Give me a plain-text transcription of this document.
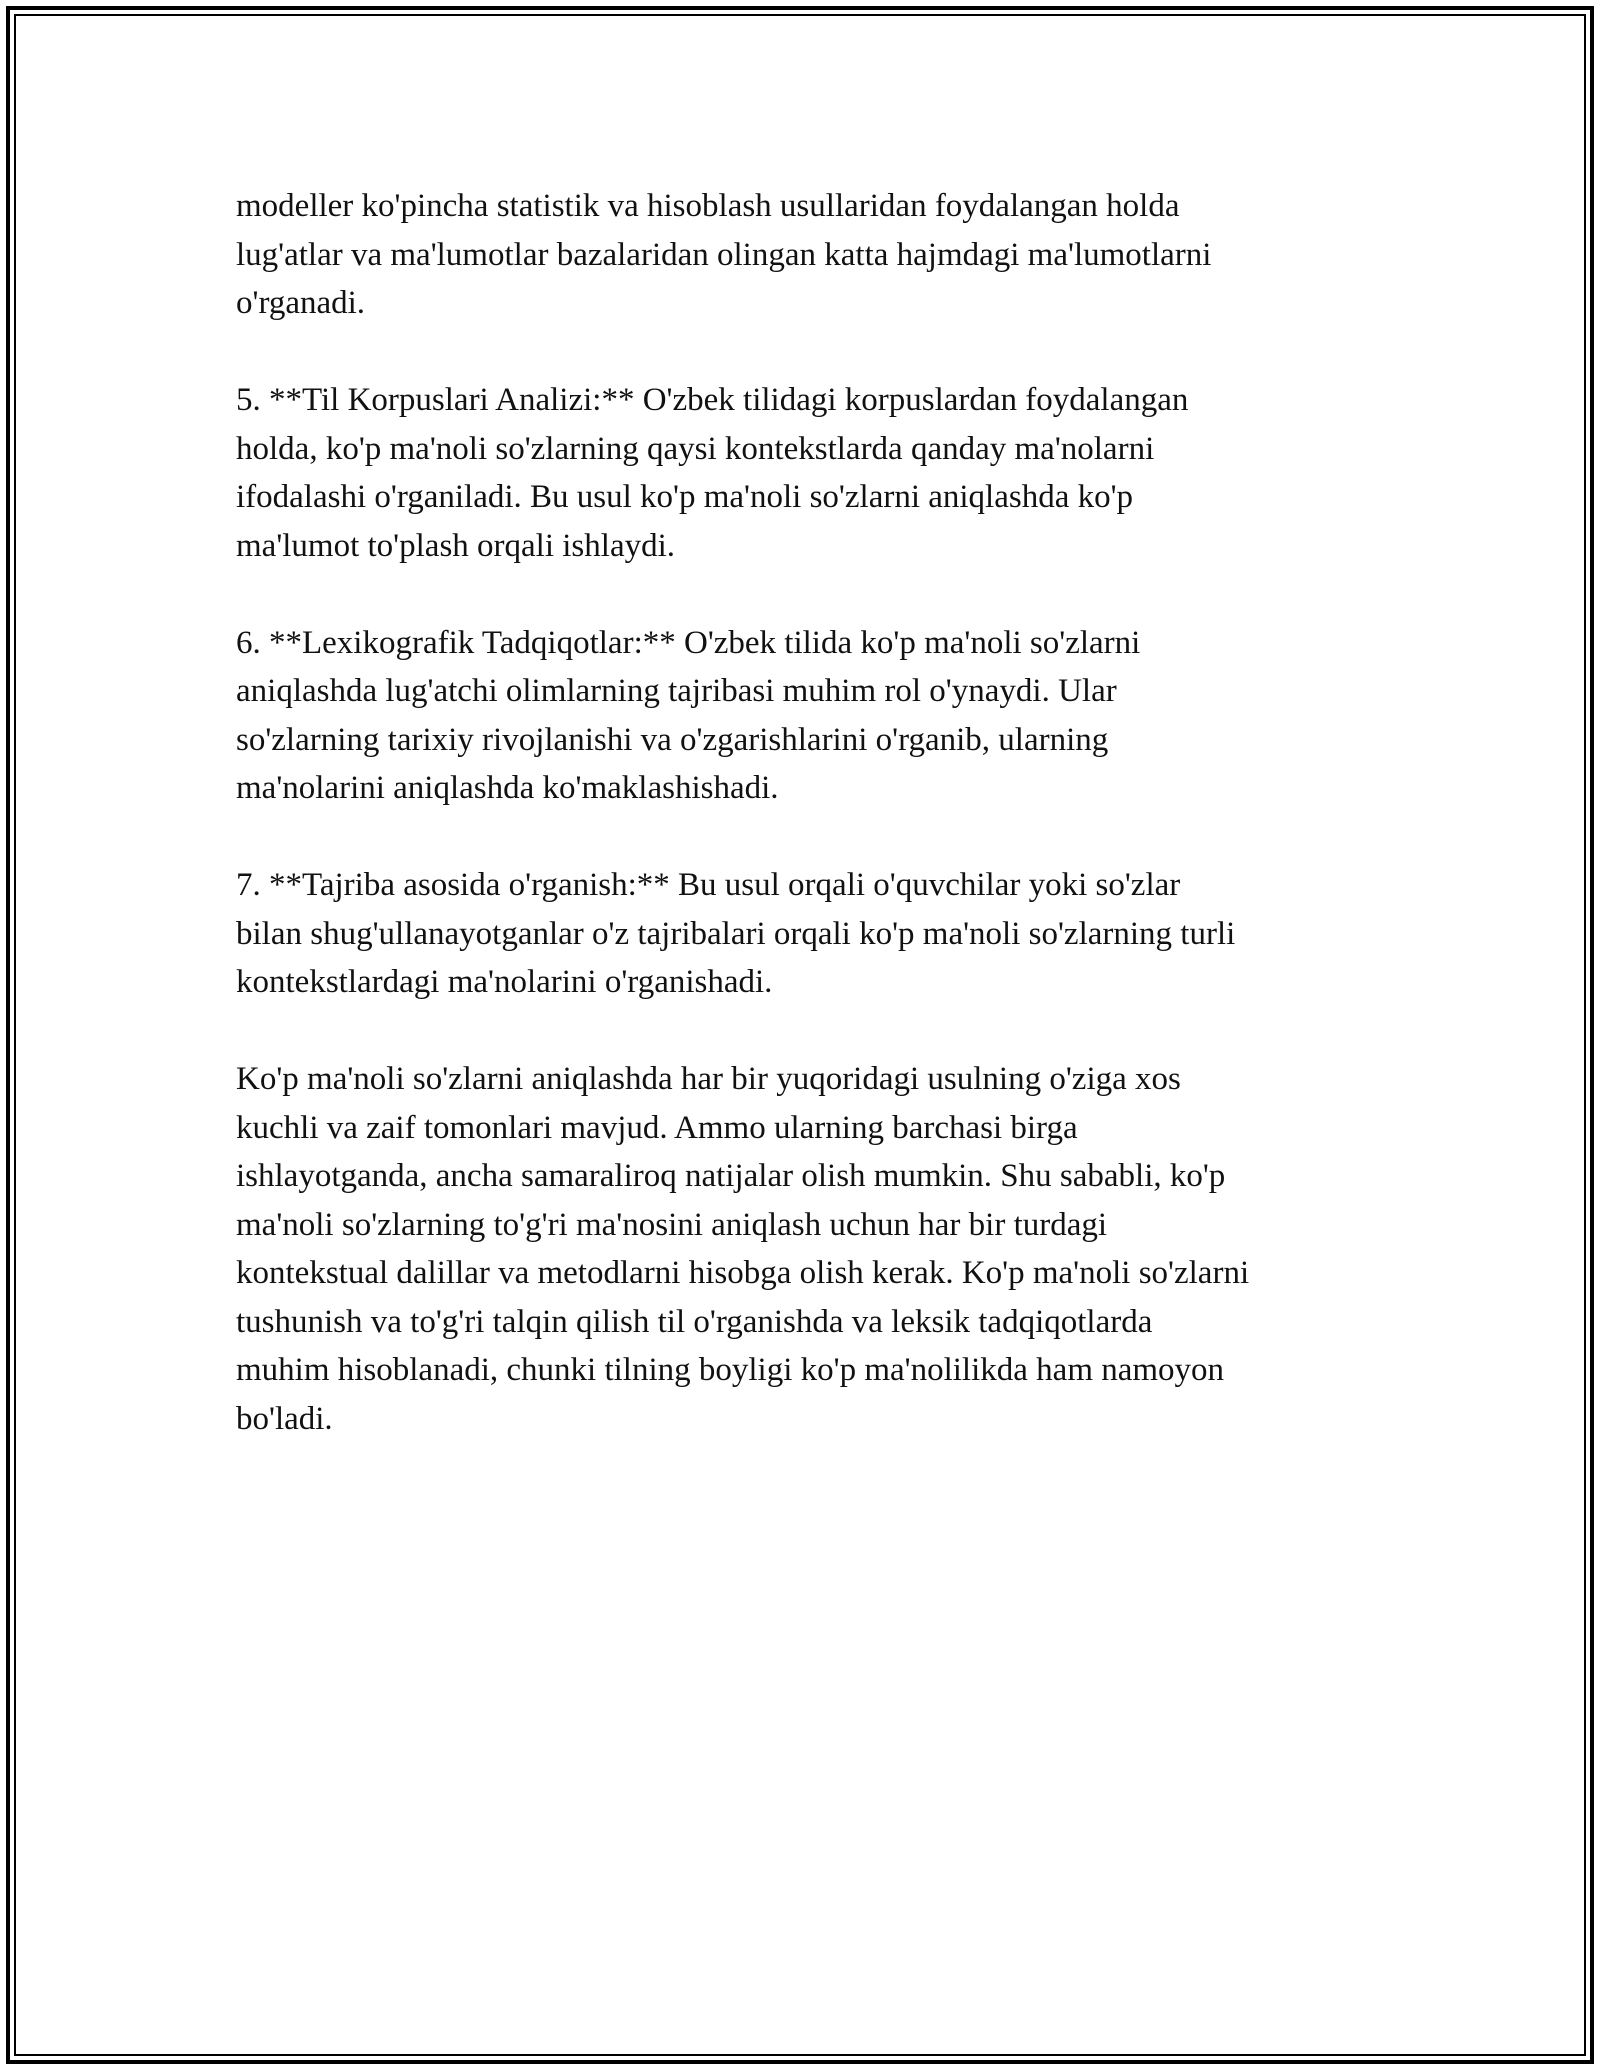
modeller ko'pincha statistik va hisoblash usullaridan foydalangan holda
lug'atlar va ma'lumotlar bazalaridan olingan katta hajmdagi ma'lumotlarni
o'rganadi.

5. **Til Korpuslari Analizi:** O'zbek tilidagi korpuslardan foydalangan
holda, ko'p ma'noli so'zlarning qaysi kontekstlarda qanday ma'nolarni
ifodalashi o'rganiladi. Bu usul ko'p ma'noli so'zlarni aniqlashda ko'p
ma'lumot to'plash orqali ishlaydi.

6. **Lexikografik Tadqiqotlar:** O'zbek tilida ko'p ma'noli so'zlarni
aniqlashda lug'atchi olimlarning tajribasi muhim rol o'ynaydi. Ular
so'zlarning tarixiy rivojlanishi va o'zgarishlarini o'rganib, ularning
ma'nolarini aniqlashda ko'maklashishadi.

7. **Tajriba asosida o'rganish:** Bu usul orqali o'quvchilar yoki so'zlar
bilan shug'ullanayotganlar o'z tajribalari orqali ko'p ma'noli so'zlarning turli
kontekstlardagi ma'nolarini o'rganishadi.

Ko'p ma'noli so'zlarni aniqlashda har bir yuqoridagi usulning o'ziga xos
kuchli va zaif tomonlari mavjud. Ammo ularning barchasi birga
ishlayotganda, ancha samaraliroq natijalar olish mumkin. Shu sababli, ko'p
ma'noli so'zlarning to'g'ri ma'nosini aniqlash uchun har bir turdagi
kontekstual dalillar va metodlarni hisobga olish kerak. Ko'p ma'noli so'zlarni
tushunish va to'g'ri talqin qilish til o'rganishda va leksik tadqiqotlarda
muhim hisoblanadi, chunki tilning boyligi ko'p ma'nolilikda ham namoyon
bo'ladi.
